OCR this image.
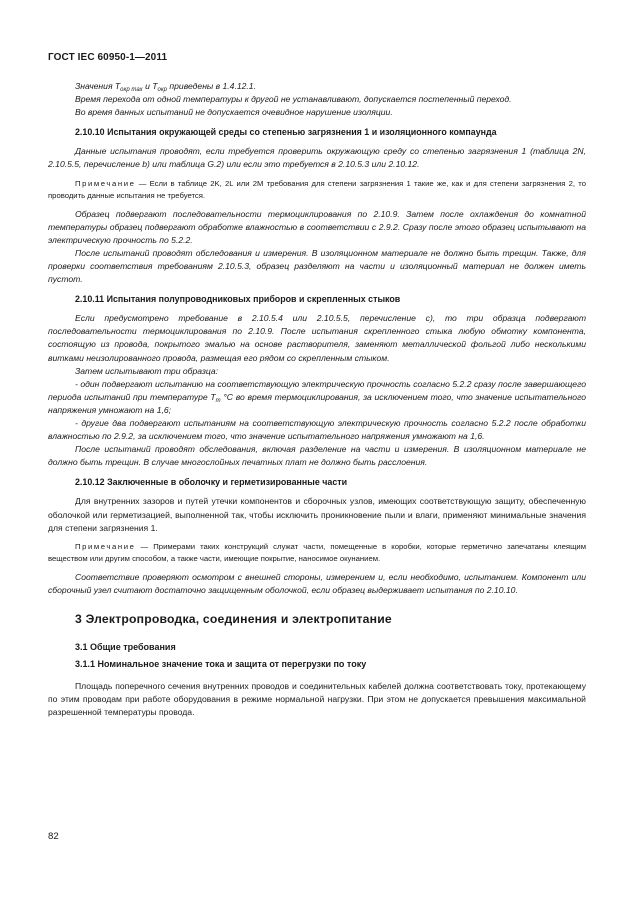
ГОСТ IEC 60950-1—2011

Значения $T_{окр max}$ и $T_{окр}$ приведены в 1.4.12.1.

Время перехода от одной температуры к другой не устанавливают, допускается постепенный переход.

Во время данных испытаний не допускается очевидное нарушение изоляции.

2.10.10 Испытания окружающей среды со степенью загрязнения 1 и изоляционного компаунда

Данные испытания проводят, если требуется проверить окружающую среду со степенью загрязнения 1 (таблица 2N, 2.10.5.5, перечисление b) или таблица G.2) или если это требуется в 2.10.5.3 или 2.10.12.

Примечание — Если в таблице 2K, 2L или 2M требования для степени загрязнения 1 такие же, как и для степени загрязнения 2, то проводить данные испытания не требуется.

Образец подвергают последовательности термоциклирования по 2.10.9. Затем после охлаждения до комнатной температуры образец подвергают обработке влажностью в соответствии с 2.9.2. Сразу после этого образец испытывают на электрическую прочность по 5.2.2.

После испытаний проводят обследования и измерения. В изоляционном материале не должно быть трещин. Также, для проверки соответствия требованиям 2.10.5.3, образец разделяют на части и изоляционный материал не должен иметь пустот.

2.10.11 Испытания полупроводниковых приборов и скрепленных стыков

Если предусмотрено требование в 2.10.5.4 или 2.10.5.5, перечисление c), то три образца подвергают последовательности термоциклирования по 2.10.9. После испытания скрепленного стыка любую обмотку компонента, состоящую из провода, покрытого эмалью на основе растворителя, заменяют металлической фольгой либо несколькими витками неизолированного провода, размещая его рядом со скрепленным стыком.

Затем испытывают три образца:

- один подвергают испытанию на соответствующую электрическую прочность согласно 5.2.2 сразу после завершающего периода испытаний при температуре $T_т$ °C во время термоциклирования, за исключением того, что значение испытательного напряжения умножают на 1,6;

- другие два подвергают испытаниям на соответствующую электрическую прочность согласно 5.2.2 после обработки влажностью по 2.9.2, за исключением того, что значение испытательного напряжения умножают на 1,6.

После испытаний проводят обследования, включая разделение на части и измерения. В изоляционном материале не должно быть трещин. В случае многослойных печатных плат не должно быть расслоения.

2.10.12 Заключенные в оболочку и герметизированные части

Для внутренних зазоров и путей утечки компонентов и сборочных узлов, имеющих соответствующую защиту, обеспеченную оболочкой или герметизацией, выполненной так, чтобы исключить проникновение пыли и влаги, применяют минимальные значения для степени загрязнения 1.

Примечание — Примерами таких конструкций служат части, помещенные в коробки, которые герметично запечатаны клеящим веществом или другим способом, а также части, имеющие покрытие, наносимое окунанием.

Соответствие проверяют осмотром с внешней стороны, измерением и, если необходимо, испытанием. Компонент или сборочный узел считают достаточно защищенным оболочкой, если образец выдерживает испытания по 2.10.10.

3 Электропроводка, соединения и электропитание

3.1 Общие требования

3.1.1 Номинальное значение тока и защита от перегрузки по току

Площадь поперечного сечения внутренних проводов и соединительных кабелей должна соответствовать току, протекающему по этим проводам при работе оборудования в режиме нормальной нагрузки. При этом не допускается превышения максимальной разрешенной температуры провода.

82
